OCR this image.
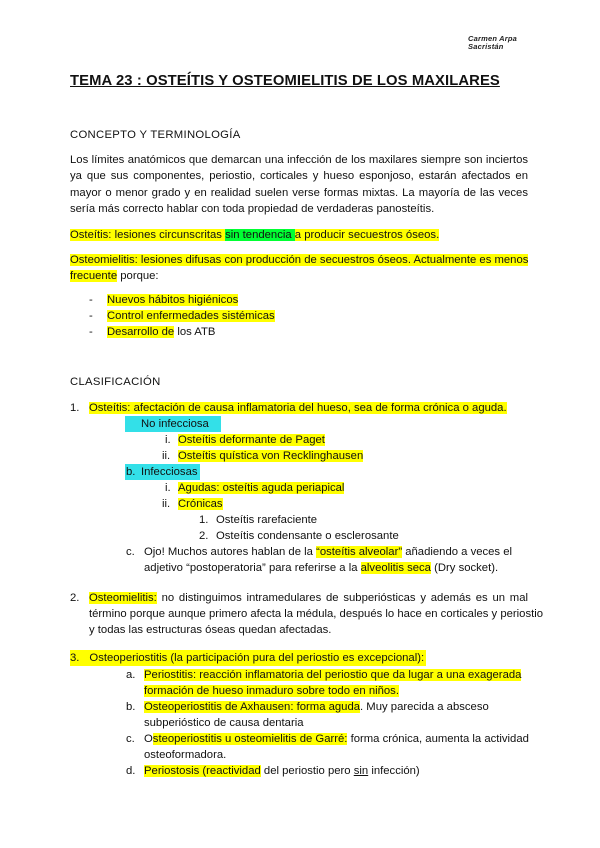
Carmen Arpa
Sacristán
TEMA 23 : OSTEÍTIS Y OSTEOMIELITIS DE LOS MAXILARES
CONCEPTO Y TERMINOLOGÍA
Los límites anatómicos que demarcan una infección de los maxilares siempre son inciertos ya que sus componentes, periostio, corticales y hueso esponjoso, estarán afectados en mayor o menor grado y en realidad suelen verse formas mixtas. La mayoría de las veces sería más correcto hablar con toda propiedad de verdaderas panosteítis.
Osteítis: lesiones circunscritas sin tendencia a producir secuestros óseos.
Osteomielitis: lesiones difusas con producción de secuestros óseos. Actualmente es menos
frecuente porque:
- Nuevos hábitos higiénicos
- Control enfermedades sistémicas
- Desarrollo de los ATB
CLASIFICACIÓN
1. Osteítis: afectación de causa inflamatoria del hueso, sea de forma crónica o aguda.
No infecciosa
i. Osteítis deformante de Paget
ii. Osteítis quística von Recklinghausen
Infecciosas
b.
i. Agudas: osteítis aguda periapical
ii. Crónicas
1. Osteítis rarefaciente
2. Osteítis condensante o esclerosante
c. Ojo! Muchos autores hablan de la “osteítis alveolar” añadiendo a veces el
adjetivo “postoperatoria” para referirse a la alveolitis seca (Dry socket).
2. Osteomielitis: no distinguimos intramedulares de subperiósticas y además es un mal
término porque aunque primero afecta la médula, después lo hace en corticales y periostio
y todas las estructuras óseas quedan afectadas.
3. Osteoperiostitis (la participación pura del periostio es excepcional):
a. Periostitis: reacción inflamatoria del periostio que da lugar a una exagerada
formación de hueso inmaduro sobre todo en niños.
b. Osteoperiostitis de Axhausen: forma aguda. Muy parecida a absceso
subperióstico de causa dentaria
c. Osteoperiostitis u osteomielitis de Garré: forma crónica, aumenta la actividad
osteoformadora.
d. Periostosis (reactividad del periostio pero sin infección)
